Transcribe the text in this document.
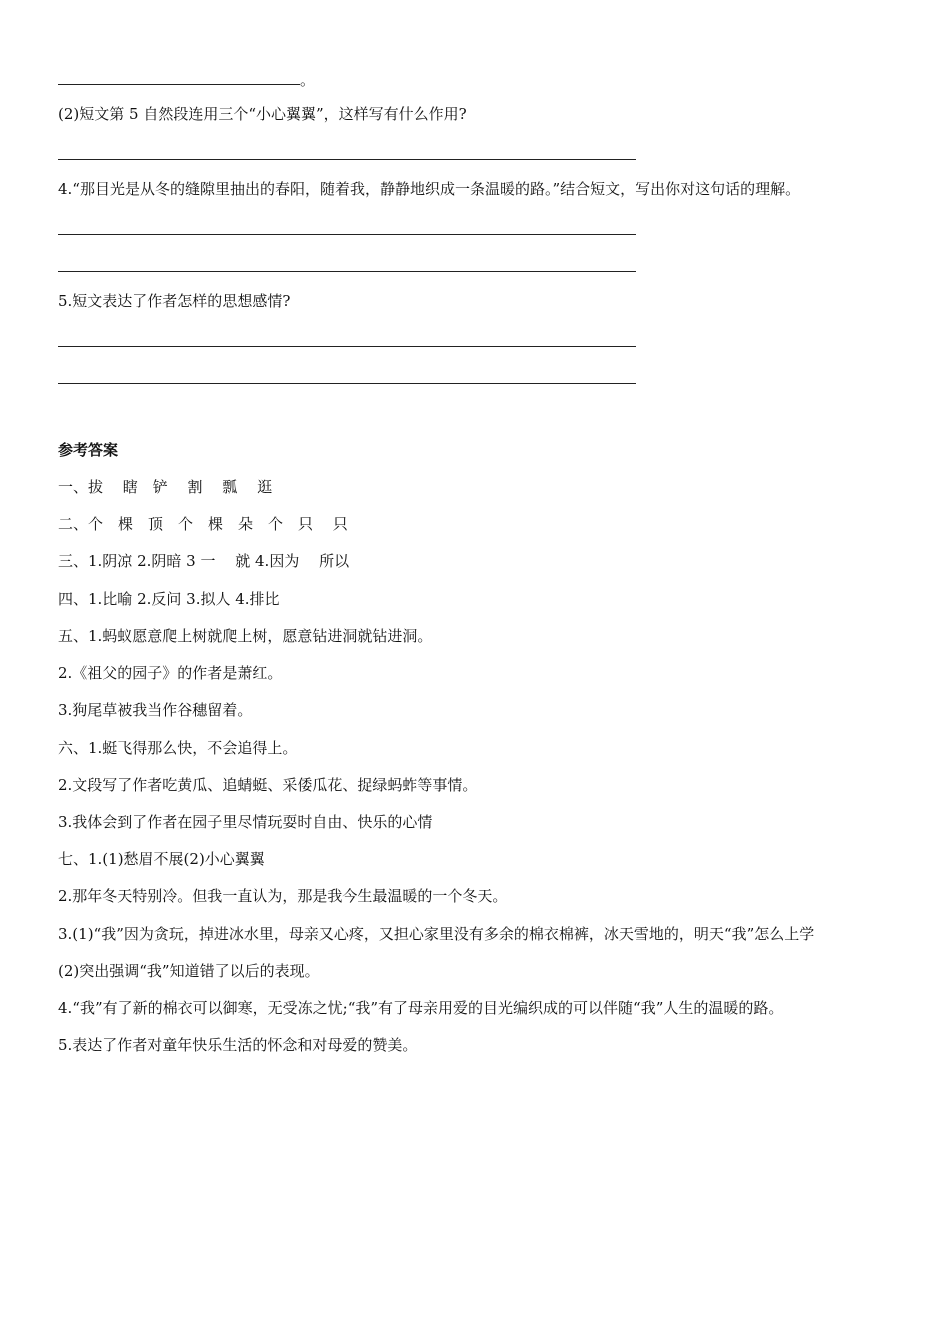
。
(2)短文第 5 自然段连用三个“小心翼翼”，这样写有什么作用?
4.“那目光是从冬的缝隙里抽出的春阳，随着我，静静地织成一条温暖的路。”结合短文，写出你对这句话的理解。
5.短文表达了作者怎样的思想感情?
参考答案
一、拔　 瞎　铲　 割　 瓢　 逛
二、个　棵　顶　个　棵　朵　个　只　 只
三、1.阴凉 2.阴暗 3 一　 就 4.因为　 所以
四、1.比喻 2.反问 3.拟人 4.排比
五、1.蚂蚁愿意爬上树就爬上树，愿意钻进洞就钻进洞。
2.《祖父的园子》的作者是萧红。
3.狗尾草被我当作谷穗留着。
六、1.蜓飞得那么快，不会追得上。
2.文段写了作者吃黄瓜、追蜻蜓、采倭瓜花、捉绿蚂蚱等事情。
3.我体会到了作者在园子里尽情玩耍时自由、快乐的心情
七、1.(1)愁眉不展(2)小心翼翼
2.那年冬天特别冷。但我一直认为，那是我今生最温暖的一个冬天。
3.(1)“我”因为贪玩，掉进冰水里，母亲又心疼，又担心家里没有多余的棉衣棉裤，冰天雪地的，明天“我”怎么上学
(2)突出强调“我”知道错了以后的表现。
4.“我”有了新的棉衣可以御寒，无受冻之忧;“我”有了母亲用爱的目光编织成的可以伴随“我”人生的温暖的路。
5.表达了作者对童年快乐生活的怀念和对母爱的赞美。
